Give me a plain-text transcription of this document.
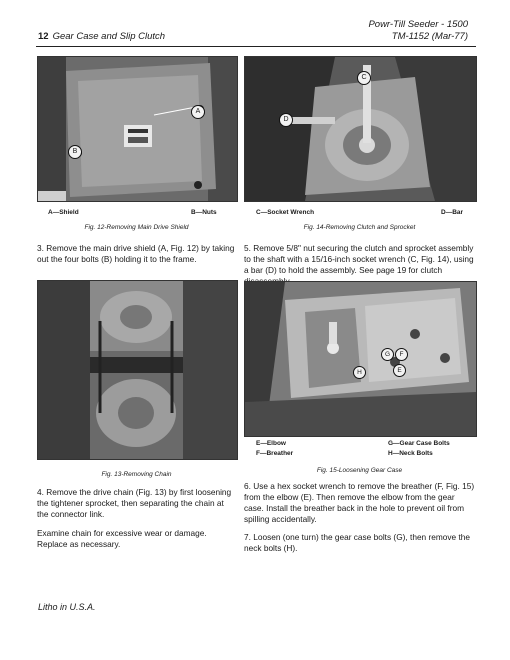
Powr-Till Seeder - 1500
TM-1152 (Mar-77)
12 Gear Case and Slip Clutch
A
B
A—Shield	B—Nuts
Fig. 12-Removing Main Drive Shield
C
D
C—Socket Wrench	D—Bar
Fig. 14-Removing Clutch and Sprocket
3. Remove the main drive shield (A, Fig. 12) by taking out the four bolts (B) holding it to the frame.
5. Remove 5/8" nut securing the clutch and sprocket assembly to the shaft with a 15/16-inch socket wrench (C, Fig. 14), using a bar (D) to hold the assembly. See page 19 for clutch
Fig. 13-Removing Chain
G	F
E
H
E—Elbow
F—Breather
G—Gear Case Bolts
H—Neck Bolts
Fig. 15-Loosening Gear Case
4. Remove the drive chain (Fig. 13) by first loosening the tightener sprocket, then separating the chain at the connector link.
Examine chain for excessive wear or damage. Replace as necessary.
6. Use a hex socket wrench to remove the breather (F, Fig. 15) from the elbow (E). Then remove the elbow from the gear case. Install the breather back in the hole to prevent oil from spilling accidentally.
7. Loosen (one turn) the gear case bolts (G), then remove the neck bolts (H).
Litho in U.S.A.
